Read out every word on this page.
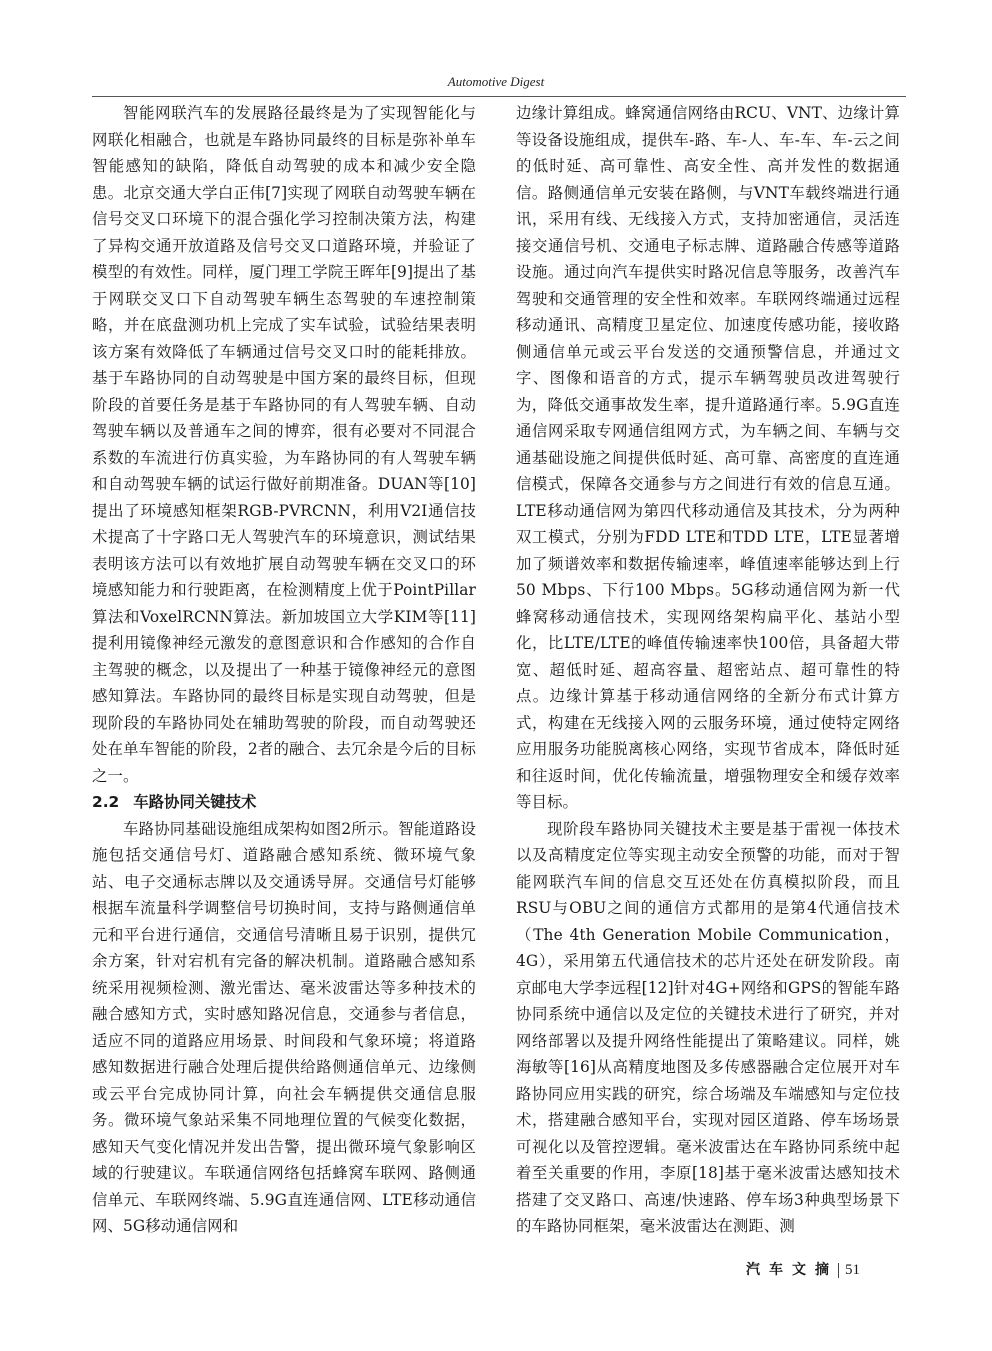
Automotive Digest

智能网联汽车的发展路径最终是为了实现智能化与网联化相融合，也就是车路协同最终的目标是弥补单车智能感知的缺陷，降低自动驾驶的成本和减少安全隐患。北京交通大学白正伟[7]实现了网联自动驾驶车辆在信号交叉口环境下的混合强化学习控制决策方法，构建了异构交通开放道路及信号交叉口道路环境，并验证了模型的有效性。同样，厦门理工学院王晖年[9]提出了基于网联交叉口下自动驾驶车辆生态驾驶的车速控制策略，并在底盘测功机上完成了实车试验，试验结果表明该方案有效降低了车辆通过信号交叉口时的能耗排放。基于车路协同的自动驾驶是中国方案的最终目标，但现阶段的首要任务是基于车路协同的有人驾驶车辆、自动驾驶车辆以及普通车之间的博弈，很有必要对不同混合系数的车流进行仿真实验，为车路协同的有人驾驶车辆和自动驾驶车辆的试运行做好前期准备。DUAN等[10]提出了环境感知框架RGB-PVRCNN，利用V2I通信技术提高了十字路口无人驾驶汽车的环境意识，测试结果表明该方法可以有效地扩展自动驾驶车辆在交叉口的环境感知能力和行驶距离，在检测精度上优于PointPillar算法和VoxelRCNN算法。新加坡国立大学KIM等[11]提利用镜像神经元激发的意图意识和合作感知的合作自主驾驶的概念，以及提出了一种基于镜像神经元的意图感知算法。车路协同的最终目标是实现自动驾驶，但是现阶段的车路协同处在辅助驾驶的阶段，而自动驾驶还处在单车智能的阶段，2者的融合、去冗余是今后的目标之一。

2.2 车路协同关键技术

车路协同基础设施组成架构如图2所示。智能道路设施包括交通信号灯、道路融合感知系统、微环境气象站、电子交通标志牌以及交通诱导屏。交通信号灯能够根据车流量科学调整信号切换时间，支持与路侧通信单元和平台进行通信，交通信号清晰且易于识别，提供冗余方案，针对宕机有完备的解决机制。道路融合感知系统采用视频检测、激光雷达、毫米波雷达等多种技术的融合感知方式，实时感知路况信息，交通参与者信息，适应不同的道路应用场景、时间段和气象环境；将道路感知数据进行融合处理后提供给路侧通信单元、边缘侧或云平台完成协同计算，向社会车辆提供交通信息服务。微环境气象站采集不同地理位置的气候变化数据，感知天气变化情况并发出告警，提出微环境气象影响区域的行驶建议。车联通信网络包括蜂窝车联网、路侧通信单元、车联网终端、5.9G直连通信网、LTE移动通信网、5G移动通信网和

边缘计算组成。蜂窝通信网络由RCU、VNT、边缘计算等设备设施组成，提供车-路、车-人、车-车、车-云之间的低时延、高可靠性、高安全性、高并发性的数据通信。路侧通信单元安装在路侧，与VNT车载终端进行通讯，采用有线、无线接入方式，支持加密通信，灵活连接交通信号机、交通电子标志牌、道路融合传感等道路设施。通过向汽车提供实时路况信息等服务，改善汽车驾驶和交通管理的安全性和效率。车联网终端通过远程移动通讯、高精度卫星定位、加速度传感功能，接收路侧通信单元或云平台发送的交通预警信息，并通过文字、图像和语音的方式，提示车辆驾驶员改进驾驶行为，降低交通事故发生率，提升道路通行率。5.9G直连通信网采取专网通信组网方式，为车辆之间、车辆与交通基础设施之间提供低时延、高可靠、高密度的直连通信模式，保障各交通参与方之间进行有效的信息互通。LTE移动通信网为第四代移动通信及其技术，分为两种双工模式，分别为FDD LTE和TDD LTE，LTE显著增加了频谱效率和数据传输速率，峰值速率能够达到上行50 Mbps、下行100 Mbps。5G移动通信网为新一代蜂窝移动通信技术，实现网络架构扁平化、基站小型化，比LTE/LTE的峰值传输速率快100倍，具备超大带宽、超低时延、超高容量、超密站点、超可靠性的特点。边缘计算基于移动通信网络的全新分布式计算方式，构建在无线接入网的云服务环境，通过使特定网络应用服务功能脱离核心网络，实现节省成本，降低时延和往返时间，优化传输流量，增强物理安全和缓存效率等目标。

现阶段车路协同关键技术主要是基于雷视一体技术以及高精度定位等实现主动安全预警的功能，而对于智能网联汽车间的信息交互还处在仿真模拟阶段，而且RSU与OBU之间的通信方式都用的是第4代通信技术（The 4th Generation Mobile Communication，4G），采用第五代通信技术的芯片还处在研发阶段。南京邮电大学李远程[12]针对4G+网络和GPS的智能车路协同系统中通信以及定位的关键技术进行了研究，并对网络部署以及提升网络性能提出了策略建议。同样，姚海敏等[16]从高精度地图及多传感器融合定位展开对车路协同应用实践的研究，综合场端及车端感知与定位技术，搭建融合感知平台，实现对园区道路、停车场场景可视化以及管控逻辑。毫米波雷达在车路协同系统中起着至关重要的作用，李原[18]基于毫米波雷达感知技术搭建了交叉路口、高速/快速路、停车场3种典型场景下的车路协同框架，毫米波雷达在测距、测

汽车文摘 51
